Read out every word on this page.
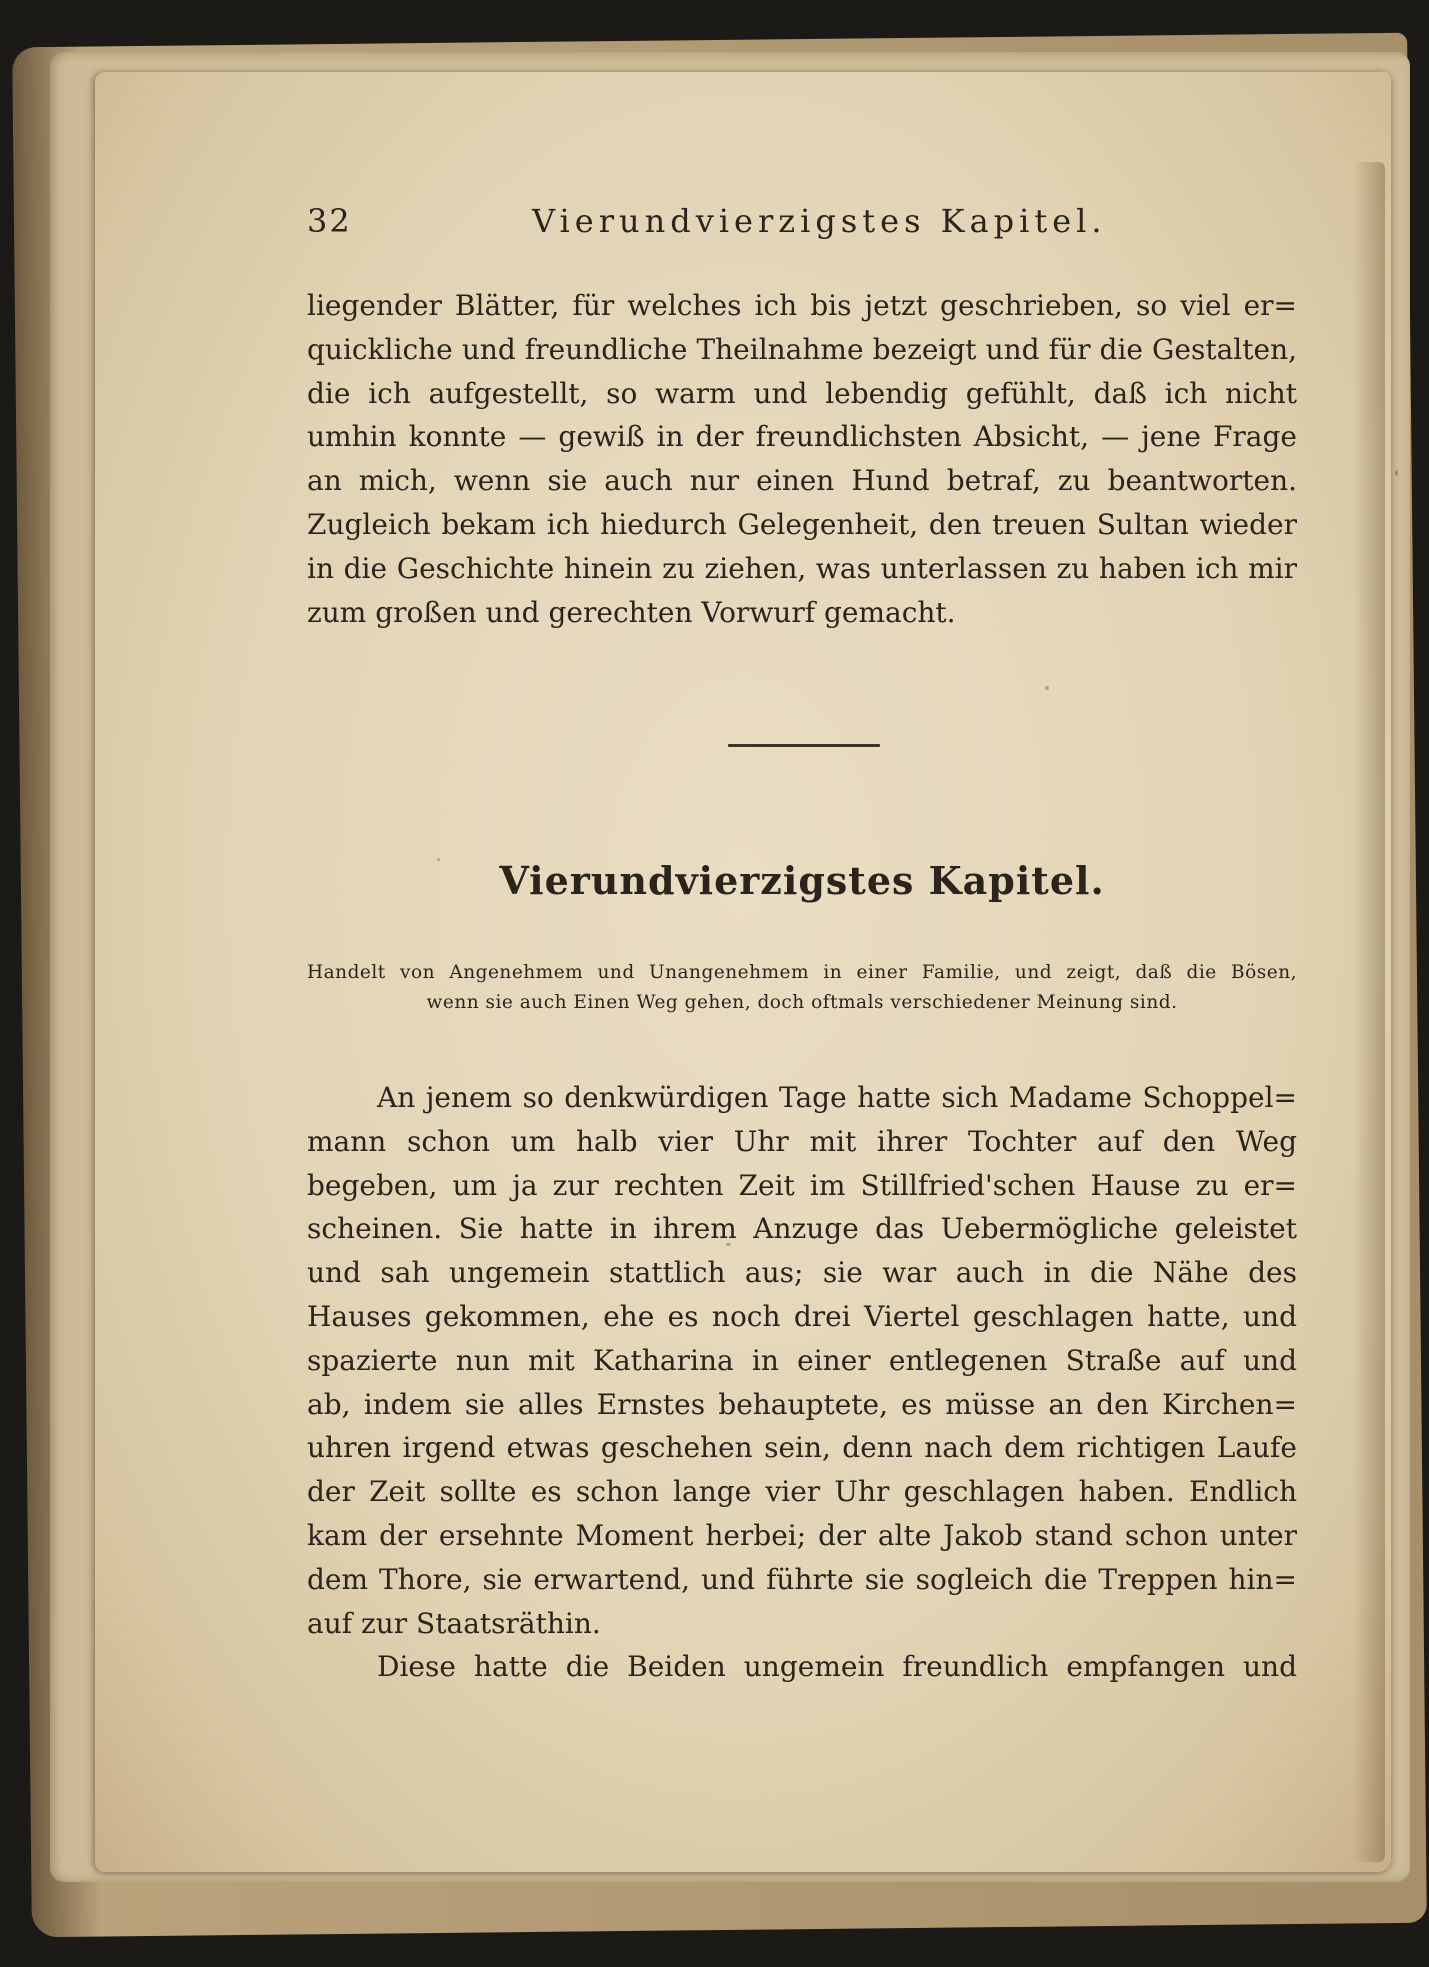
32	Vierundvierzigstes Kapitel.
liegender Blätter, für welches ich bis jetzt geschrieben, so viel er=
quickliche und freundliche Theilnahme bezeigt und für die Gestalten,
die ich aufgestellt, so warm und lebendig gefühlt, daß ich nicht
umhin konnte — gewiß in der freundlichsten Absicht, — jene Frage
an mich, wenn sie auch nur einen Hund betraf, zu beantworten.
Zugleich bekam ich hiedurch Gelegenheit, den treuen Sultan wieder
in die Geschichte hinein zu ziehen, was unterlassen zu haben ich mir
zum großen und gerechten Vorwurf gemacht.
Vierundvierzigstes Kapitel.
Handelt von Angenehmem und Unangenehmem in einer Familie, und zeigt, daß die Bösen,
wenn sie auch Einen Weg gehen, doch oftmals verschiedener Meinung sind.
An jenem so denkwürdigen Tage hatte sich Madame Schoppel=
mann schon um halb vier Uhr mit ihrer Tochter auf den Weg
begeben, um ja zur rechten Zeit im Stillfried'schen Hause zu er=
scheinen. Sie hatte in ihrem Anzuge das Uebermögliche geleistet
und sah ungemein stattlich aus; sie war auch in die Nähe des
Hauses gekommen, ehe es noch drei Viertel geschlagen hatte, und
spazierte nun mit Katharina in einer entlegenen Straße auf und
ab, indem sie alles Ernstes behauptete, es müsse an den Kirchen=
uhren irgend etwas geschehen sein, denn nach dem richtigen Laufe
der Zeit sollte es schon lange vier Uhr geschlagen haben. Endlich
kam der ersehnte Moment herbei; der alte Jakob stand schon unter
dem Thore, sie erwartend, und führte sie sogleich die Treppen hin=
auf zur Staatsräthin.
Diese hatte die Beiden ungemein freundlich empfangen und
